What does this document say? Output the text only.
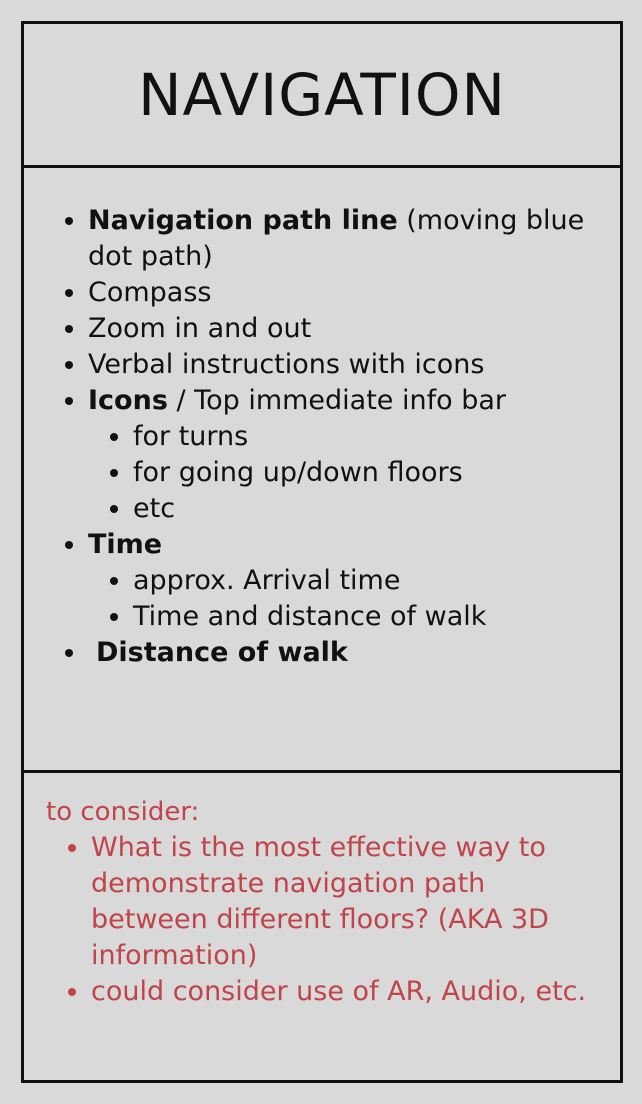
NAVIGATION
• Navigation path line (moving blue dot path)
• Compass
• Zoom in and out
• Verbal instructions with icons
• Icons / Top immediate info bar
• for turns
• for going up/down floors
• etc
• Time
• approx. Arrival time
• Time and distance of walk
• Distance of walk
to consider:
• What is the most effective way to demonstrate navigation path between different floors? (AKA 3D information)
• could consider use of AR, Audio, etc.
